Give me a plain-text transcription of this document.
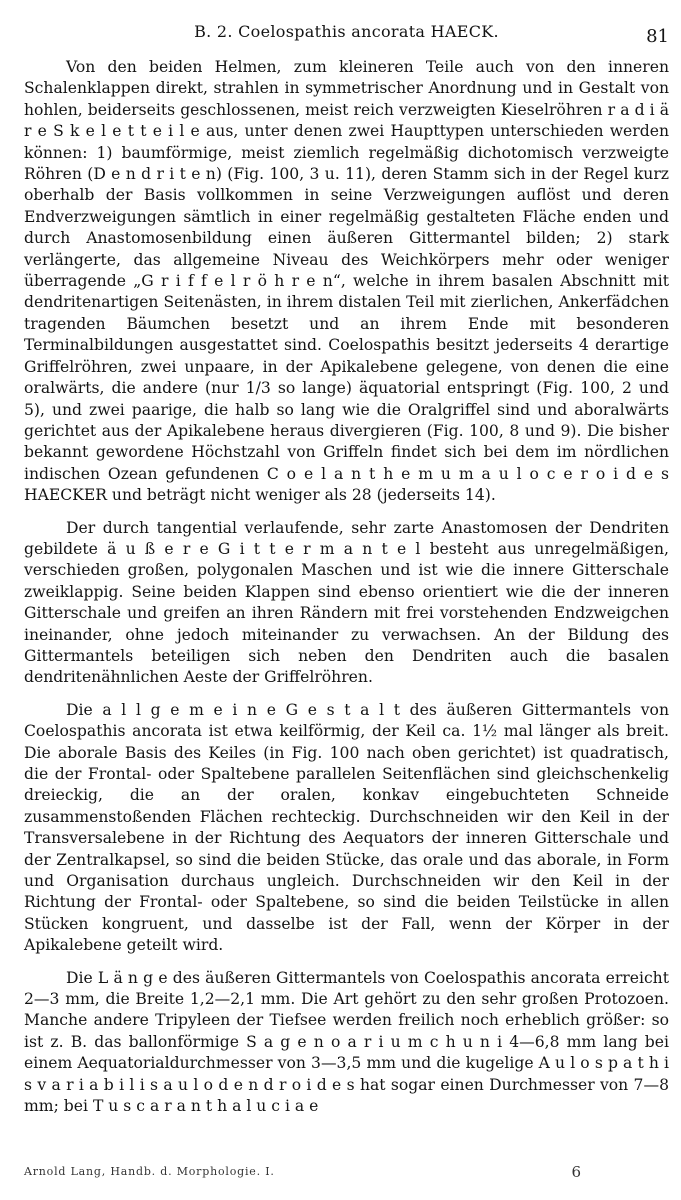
B. 2. Coelospathis ancorata HAECK.	81

Von den beiden Helmen, zum kleineren Teile auch von den inneren Schalenklappen direkt, strahlen in symmetrischer Anordnung und in Gestalt von hohlen, beiderseits geschlossenen, meist reich verzweigten Kieselröhren r a d i ä r e S k e l e t t e i l e aus, unter denen zwei Haupttypen unterschieden werden können: 1) baumförmige, meist ziemlich regelmäßig dichotomisch verzweigte Röhren (D e n d r i t e n) (Fig. 100, 3 u. 11), deren Stamm sich in der Regel kurz oberhalb der Basis vollkommen in seine Verzweigungen auflöst und deren Endverzweigungen sämtlich in einer regelmäßig gestalteten Fläche enden und durch Anastomosenbildung einen äußeren Gittermantel bilden; 2) stark verlängerte, das allgemeine Niveau des Weichkörpers mehr oder weniger überragende „G r i f f e l r ö h r e n“, welche in ihrem basalen Abschnitt mit dendritenartigen Seitenästen, in ihrem distalen Teil mit zierlichen, Ankerfädchen tragenden Bäumchen besetzt und an ihrem Ende mit besonderen Terminalbildungen ausgestattet sind. Coelospathis besitzt jederseits 4 derartige Griffelröhren, zwei unpaare, in der Apikalebene gelegene, von denen die eine oralwärts, die andere (nur 1/3 so lange) äquatorial entspringt (Fig. 100, 2 und 5), und zwei paarige, die halb so lang wie die Oralgriffel sind und aboralwärts gerichtet aus der Apikalebene heraus divergieren (Fig. 100, 8 und 9). Die bisher bekannt gewordene Höchstzahl von Griffeln findet sich bei dem im nördlichen indischen Ozean gefundenen C o e l a n t h e m u m a u l o c e r o i d e s HAECKER und beträgt nicht weniger als 28 (jederseits 14).

Der durch tangential verlaufende, sehr zarte Anastomosen der Dendriten gebildete ä u ß e r e G i t t e r m a n t e l besteht aus unregelmäßigen, verschieden großen, polygonalen Maschen und ist wie die innere Gitterschale zweiklappig. Seine beiden Klappen sind ebenso orientiert wie die der inneren Gitterschale und greifen an ihren Rändern mit frei vorstehenden Endzweigchen ineinander, ohne jedoch miteinander zu verwachsen. An der Bildung des Gittermantels beteiligen sich neben den Dendriten auch die basalen dendritenähnlichen Aeste der Griffelröhren.

Die a l l g e m e i n e G e s t a l t des äußeren Gittermantels von Coelospathis ancorata ist etwa keilförmig, der Keil ca. 1½ mal länger als breit. Die aborale Basis des Keiles (in Fig. 100 nach oben gerichtet) ist quadratisch, die der Frontal- oder Spaltebene parallelen Seitenflächen sind gleichschenkelig dreieckig, die an der oralen, konkav eingebuchteten Schneide zusammenstoßenden Flächen rechteckig. Durchschneiden wir den Keil in der Transversalebene in der Richtung des Aequators der inneren Gitterschale und der Zentralkapsel, so sind die beiden Stücke, das orale und das aborale, in Form und Organisation durchaus ungleich. Durchschneiden wir den Keil in der Richtung der Frontal- oder Spaltebene, so sind die beiden Teilstücke in allen Stücken kongruent, und dasselbe ist der Fall, wenn der Körper in der Apikalebene geteilt wird.

Die L ä n g e des äußeren Gittermantels von Coelospathis ancorata erreicht 2—3 mm, die Breite 1,2—2,1 mm. Die Art gehört zu den sehr großen Protozoen. Manche andere Tripyleen der Tiefsee werden freilich noch erheblich größer: so ist z. B. das ballonförmige S a g e n o a r i u m c h u n i 4—6,8 mm lang bei einem Aequatorialdurchmesser von 3—3,5 mm und die kugelige A u l o s p a t h i s v a r i a b i l i s a u l o d e n d r o i d e s hat sogar einen Durchmesser von 7—8 mm; bei T u s c a r a n t h a l u c i a e

Arnold Lang, Handb. d. Morphologie. I.	6
